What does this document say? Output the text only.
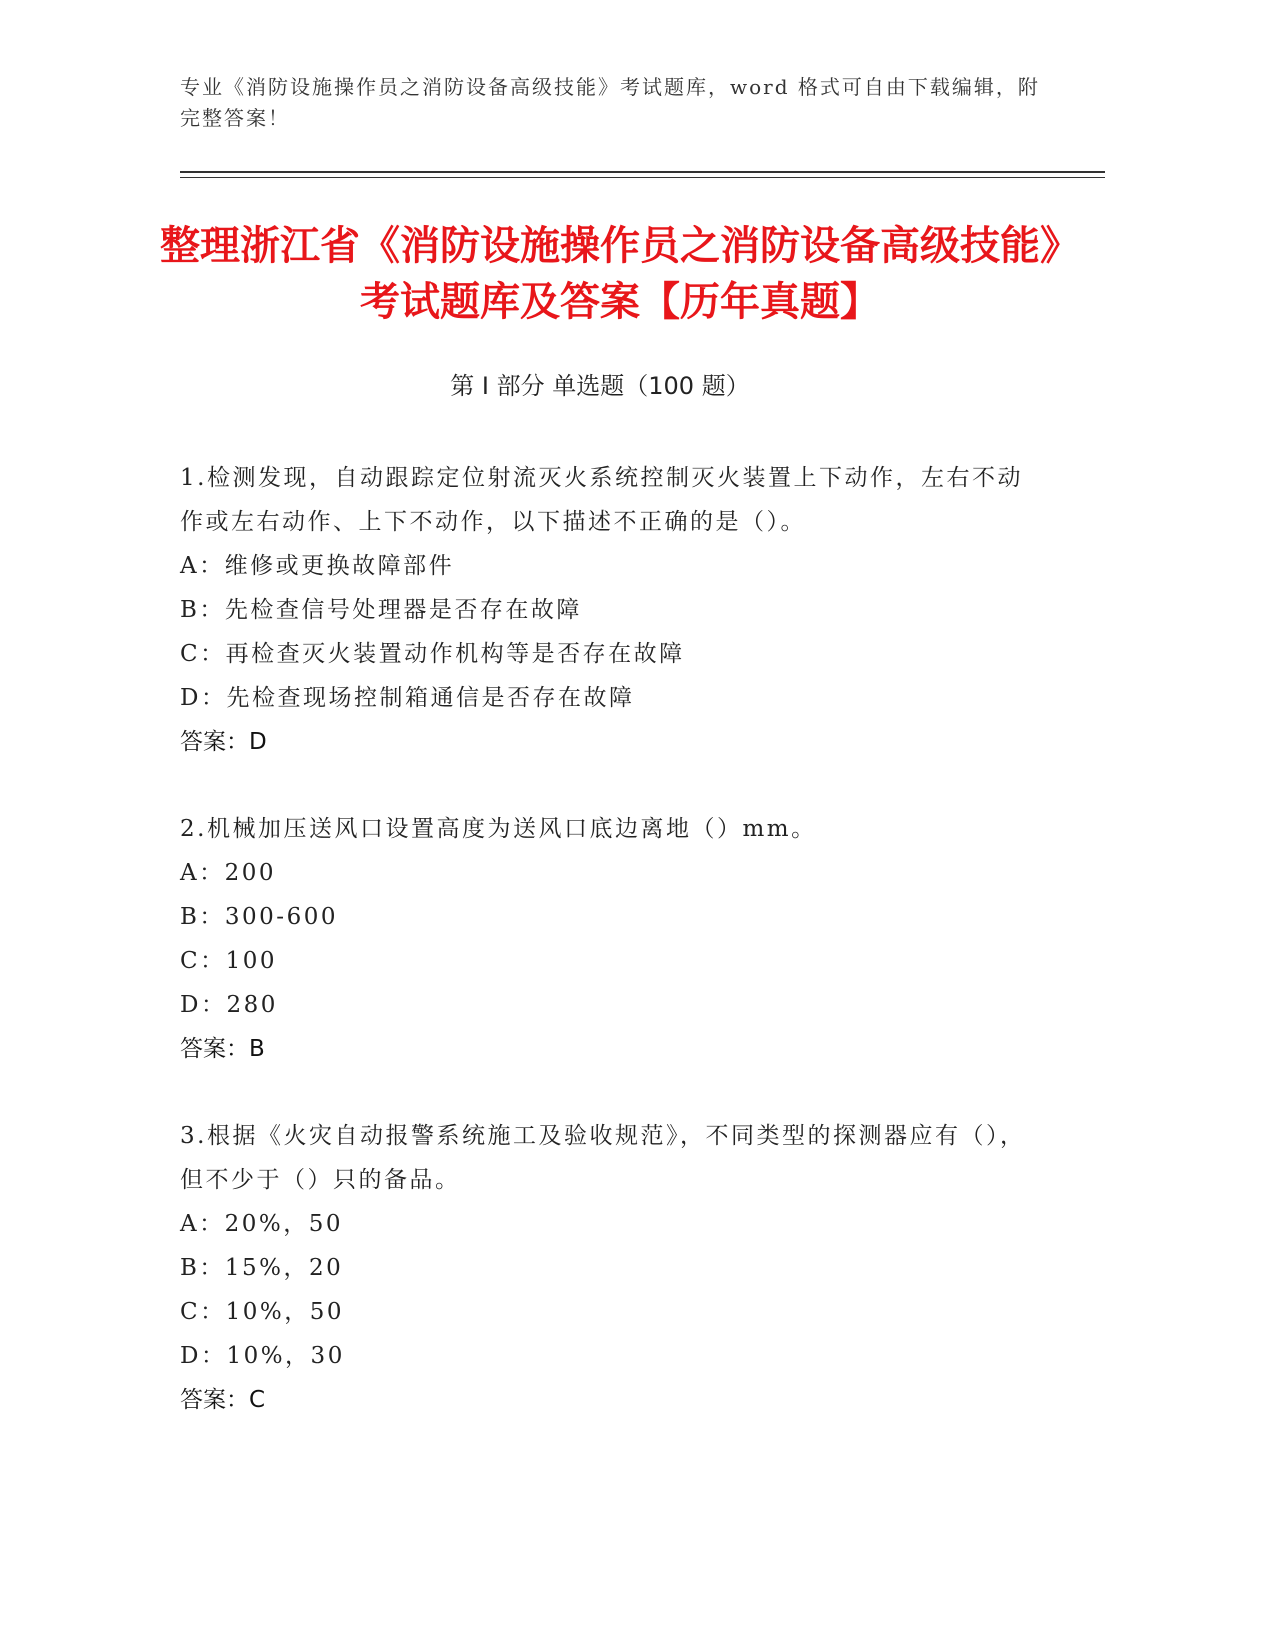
专业《消防设施操作员之消防设备高级技能》考试题库，word 格式可自由下载编辑，附完整答案！
整理浙江省《消防设施操作员之消防设备高级技能》考试题库及答案【历年真题】
第 I 部分 单选题（100 题）
1.检测发现，自动跟踪定位射流灭火系统控制灭火装置上下动作，左右不动作或左右动作、上下不动作，以下描述不正确的是（）。
A：维修或更换故障部件
B：先检查信号处理器是否存在故障
C：再检查灭火装置动作机构等是否存在故障
D：先检查现场控制箱通信是否存在故障
答案：D
2.机械加压送风口设置高度为送风口底边离地（）mm。
A：200
B：300-600
C：100
D：280
答案：B
3.根据《火灾自动报警系统施工及验收规范》，不同类型的探测器应有（），但不少于（）只的备品。
A：20%，50
B：15%，20
C：10%，50
D：10%，30
答案：C
